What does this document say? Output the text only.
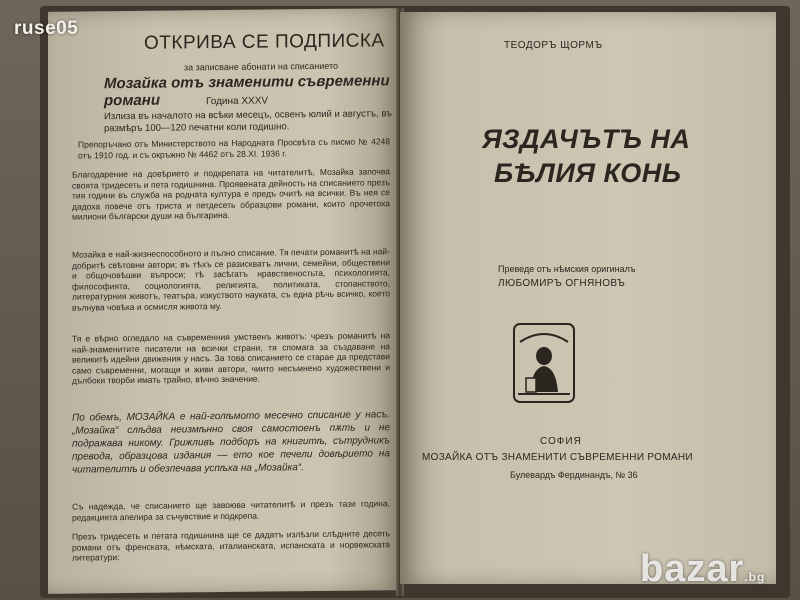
ОТКРИВА СЕ ПОДПИСКА
за записване абонати на списанието
Мозайка отъ знаменити съвременни романи	Година XXXV
Излиза въ началото на всѣки месецъ, освенъ юлий и августъ, въ размѣръ 100—120 печатни коли годишно.
Препоръчано отъ Министерството на Народната Просвѣта съ писмо № 4248 отъ 1910 год. и съ окръжно № 4462 отъ 28.XI. 1936 г.
Благодарение на довѣрието и подкрепата на читателитѣ, Мозайка започва своята тридесеть и пета годишнина. Проявената дейность на списанието презъ тия години въ служба на родната култура е предъ очитѣ на всички. Въ нея се дадоха повече отъ триста и петдесеть образцови романи, които прочетоха милиони български души на българина.
Мозайка е най-жизнеспособното и пълно списание. Тя печати романитѣ на най-добритѣ свѣтовни автори; въ тѣхъ се разискватъ лични, семейни, обществени и общочовѣшки въпроси; тѣ засѣгатъ нравственостьта, психологията, философията, социологията, религията, политиката, стопанството, литературния животъ, театъра, изкуството науката, съ една рѣчь всичко, което вълнува човѣка и осмисля живота му.
Тя е вѣрно огледало на съвременния умственъ животъ: чрезъ романитѣ на най-знаменитите писатели на всички страни, тя спомага за създаване на великитѣ идейни движения у насъ. За това списанието се старае да представи само съвременни, могащи и живи автори, чиито несъмнено художествени и дълбоки творби имать трайно, вѣчно значение.
По обемъ, МОЗАЙКА е най-голѣмото месечно списание у насъ. „Мозайка“ слѣдва неизмѣнно своя самостоенъ пѫть и не подражава никому. Грижливъ подборъ на книгитѣ, сътрудникъ превода, образцова издания — ето кое печели довѣрието на читателитѣ и обезпечава успѣха на „Мозайка“.
Съ надежда, че списанието ще завоюва читателитѣ и презъ тази година, редакцията апелира за съчувствие и подкрепа.
Презъ тридесеть и петата годишнина ще се дадатъ излѣзли слѣдните десеть романи отъ френската, нѣмската, италианската, испанската и норвежската литератури:
ТЕОДОРЪ ЩОРМЪ
ЯЗДАЧЪТЪ НА
БѢЛИЯ КОНЬ
Преведе отъ нѣмския оригиналъ
ЛЮБОМИРЪ ОГНЯНОВЪ
СОФИЯ
МОЗАЙКА ОТЪ ЗНАМЕНИТИ СЪВРЕМЕННИ РОМАНИ
Булевардъ Фердинандъ, № 36
ruse05
bazar.bg
